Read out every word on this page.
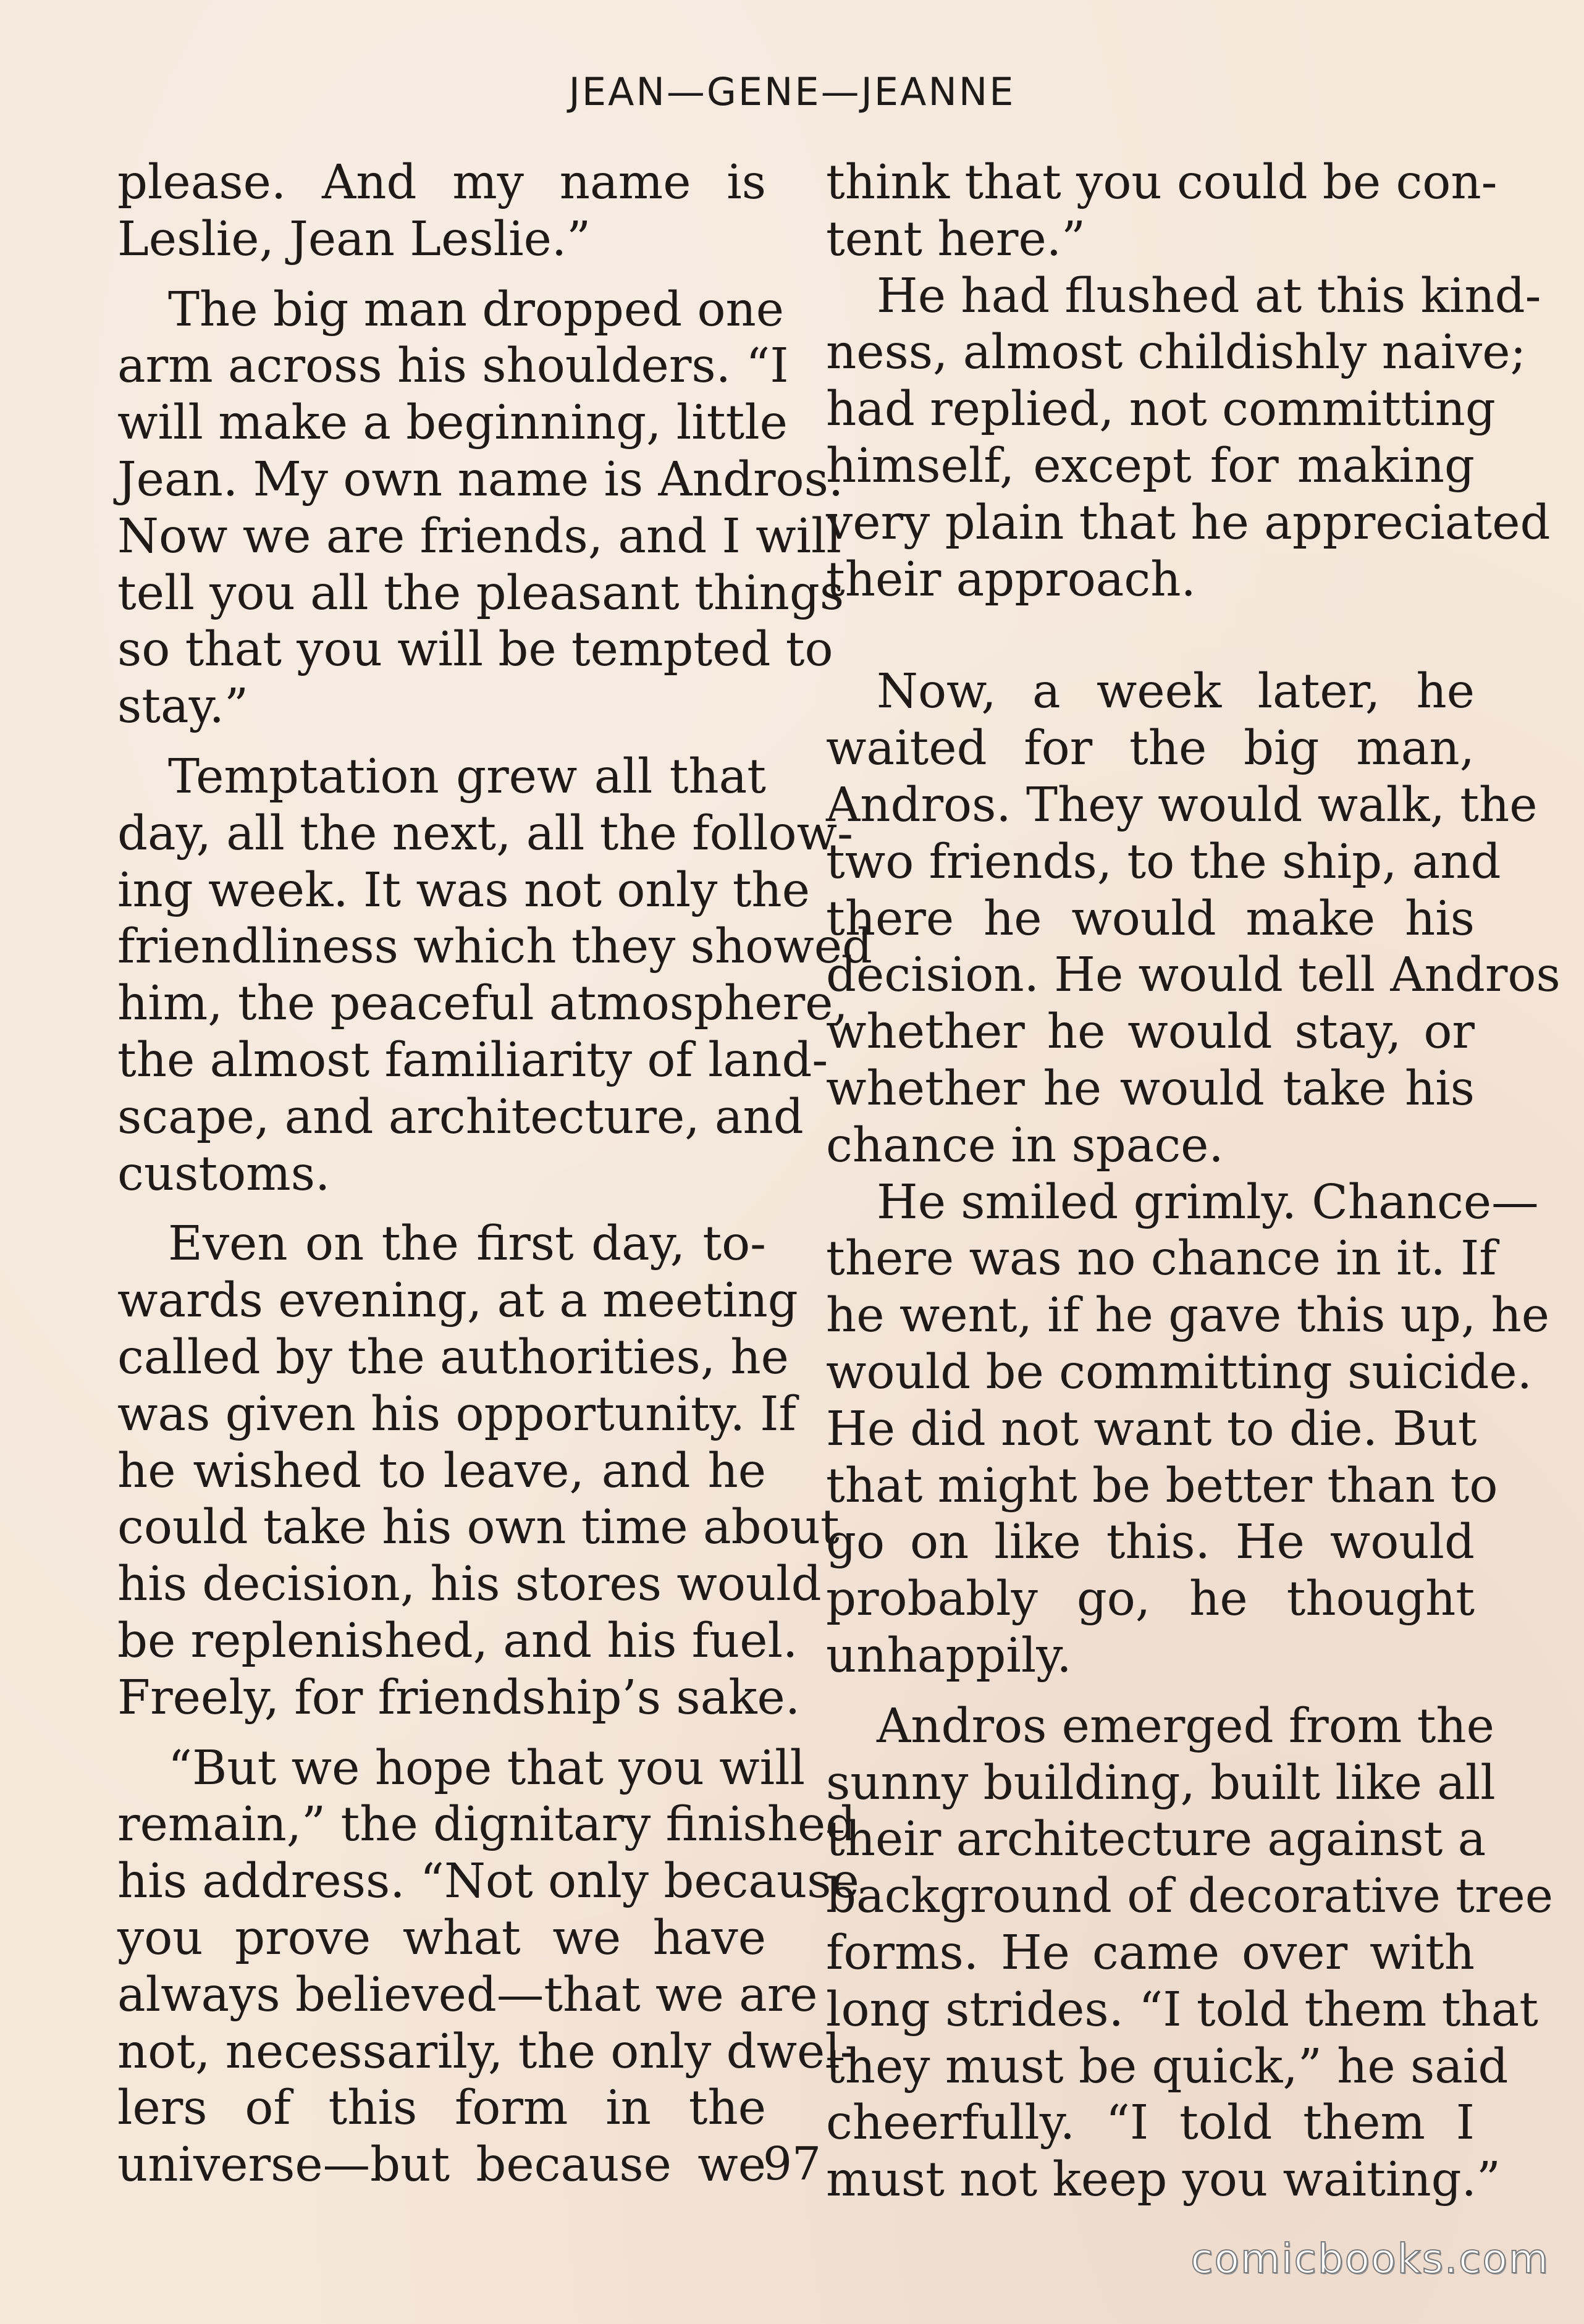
JEAN—GENE—JEANNE
please. And my name is
Leslie, Jean Leslie.”
The big man dropped one
arm across his shoulders. “I
will make a beginning, little
Jean. My own name is Andros.
Now we are friends, and I will
tell you all the pleasant things
so that you will be tempted to
stay.”
Temptation grew all that
day, all the next, all the follow-
ing week. It was not only the
friendliness which they showed
him, the peaceful atmosphere,
the almost familiarity of land-
scape, and architecture, and
customs.
Even on the first day, to-
wards evening, at a meeting
called by the authorities, he
was given his opportunity. If
he wished to leave, and he
could take his own time about
his decision, his stores would
be replenished, and his fuel.
Freely, for friendship’s sake.
“But we hope that you will
remain,” the dignitary finished
his address. “Not only because
you prove what we have
always believed—that we are
not, necessarily, the only dwel-
lers of this form in the
universe—but because we
think that you could be con-
tent here.”
He had flushed at this kind-
ness, almost childishly naive;
had replied, not committing
himself, except for making
very plain that he appreciated
their approach.
Now, a week later, he
waited for the big man,
Andros. They would walk, the
two friends, to the ship, and
there he would make his
decision. He would tell Andros
whether he would stay, or
whether he would take his
chance in space.
He smiled grimly. Chance—
there was no chance in it. If
he went, if he gave this up, he
would be committing suicide.
He did not want to die. But
that might be better than to
go on like this. He would
probably go, he thought
unhappily.
Andros emerged from the
sunny building, built like all
their architecture against a
background of decorative tree
forms. He came over with
long strides. “I told them that
they must be quick,” he said
cheerfully. “I told them I
must not keep you waiting.”
97
comicbooks.com
